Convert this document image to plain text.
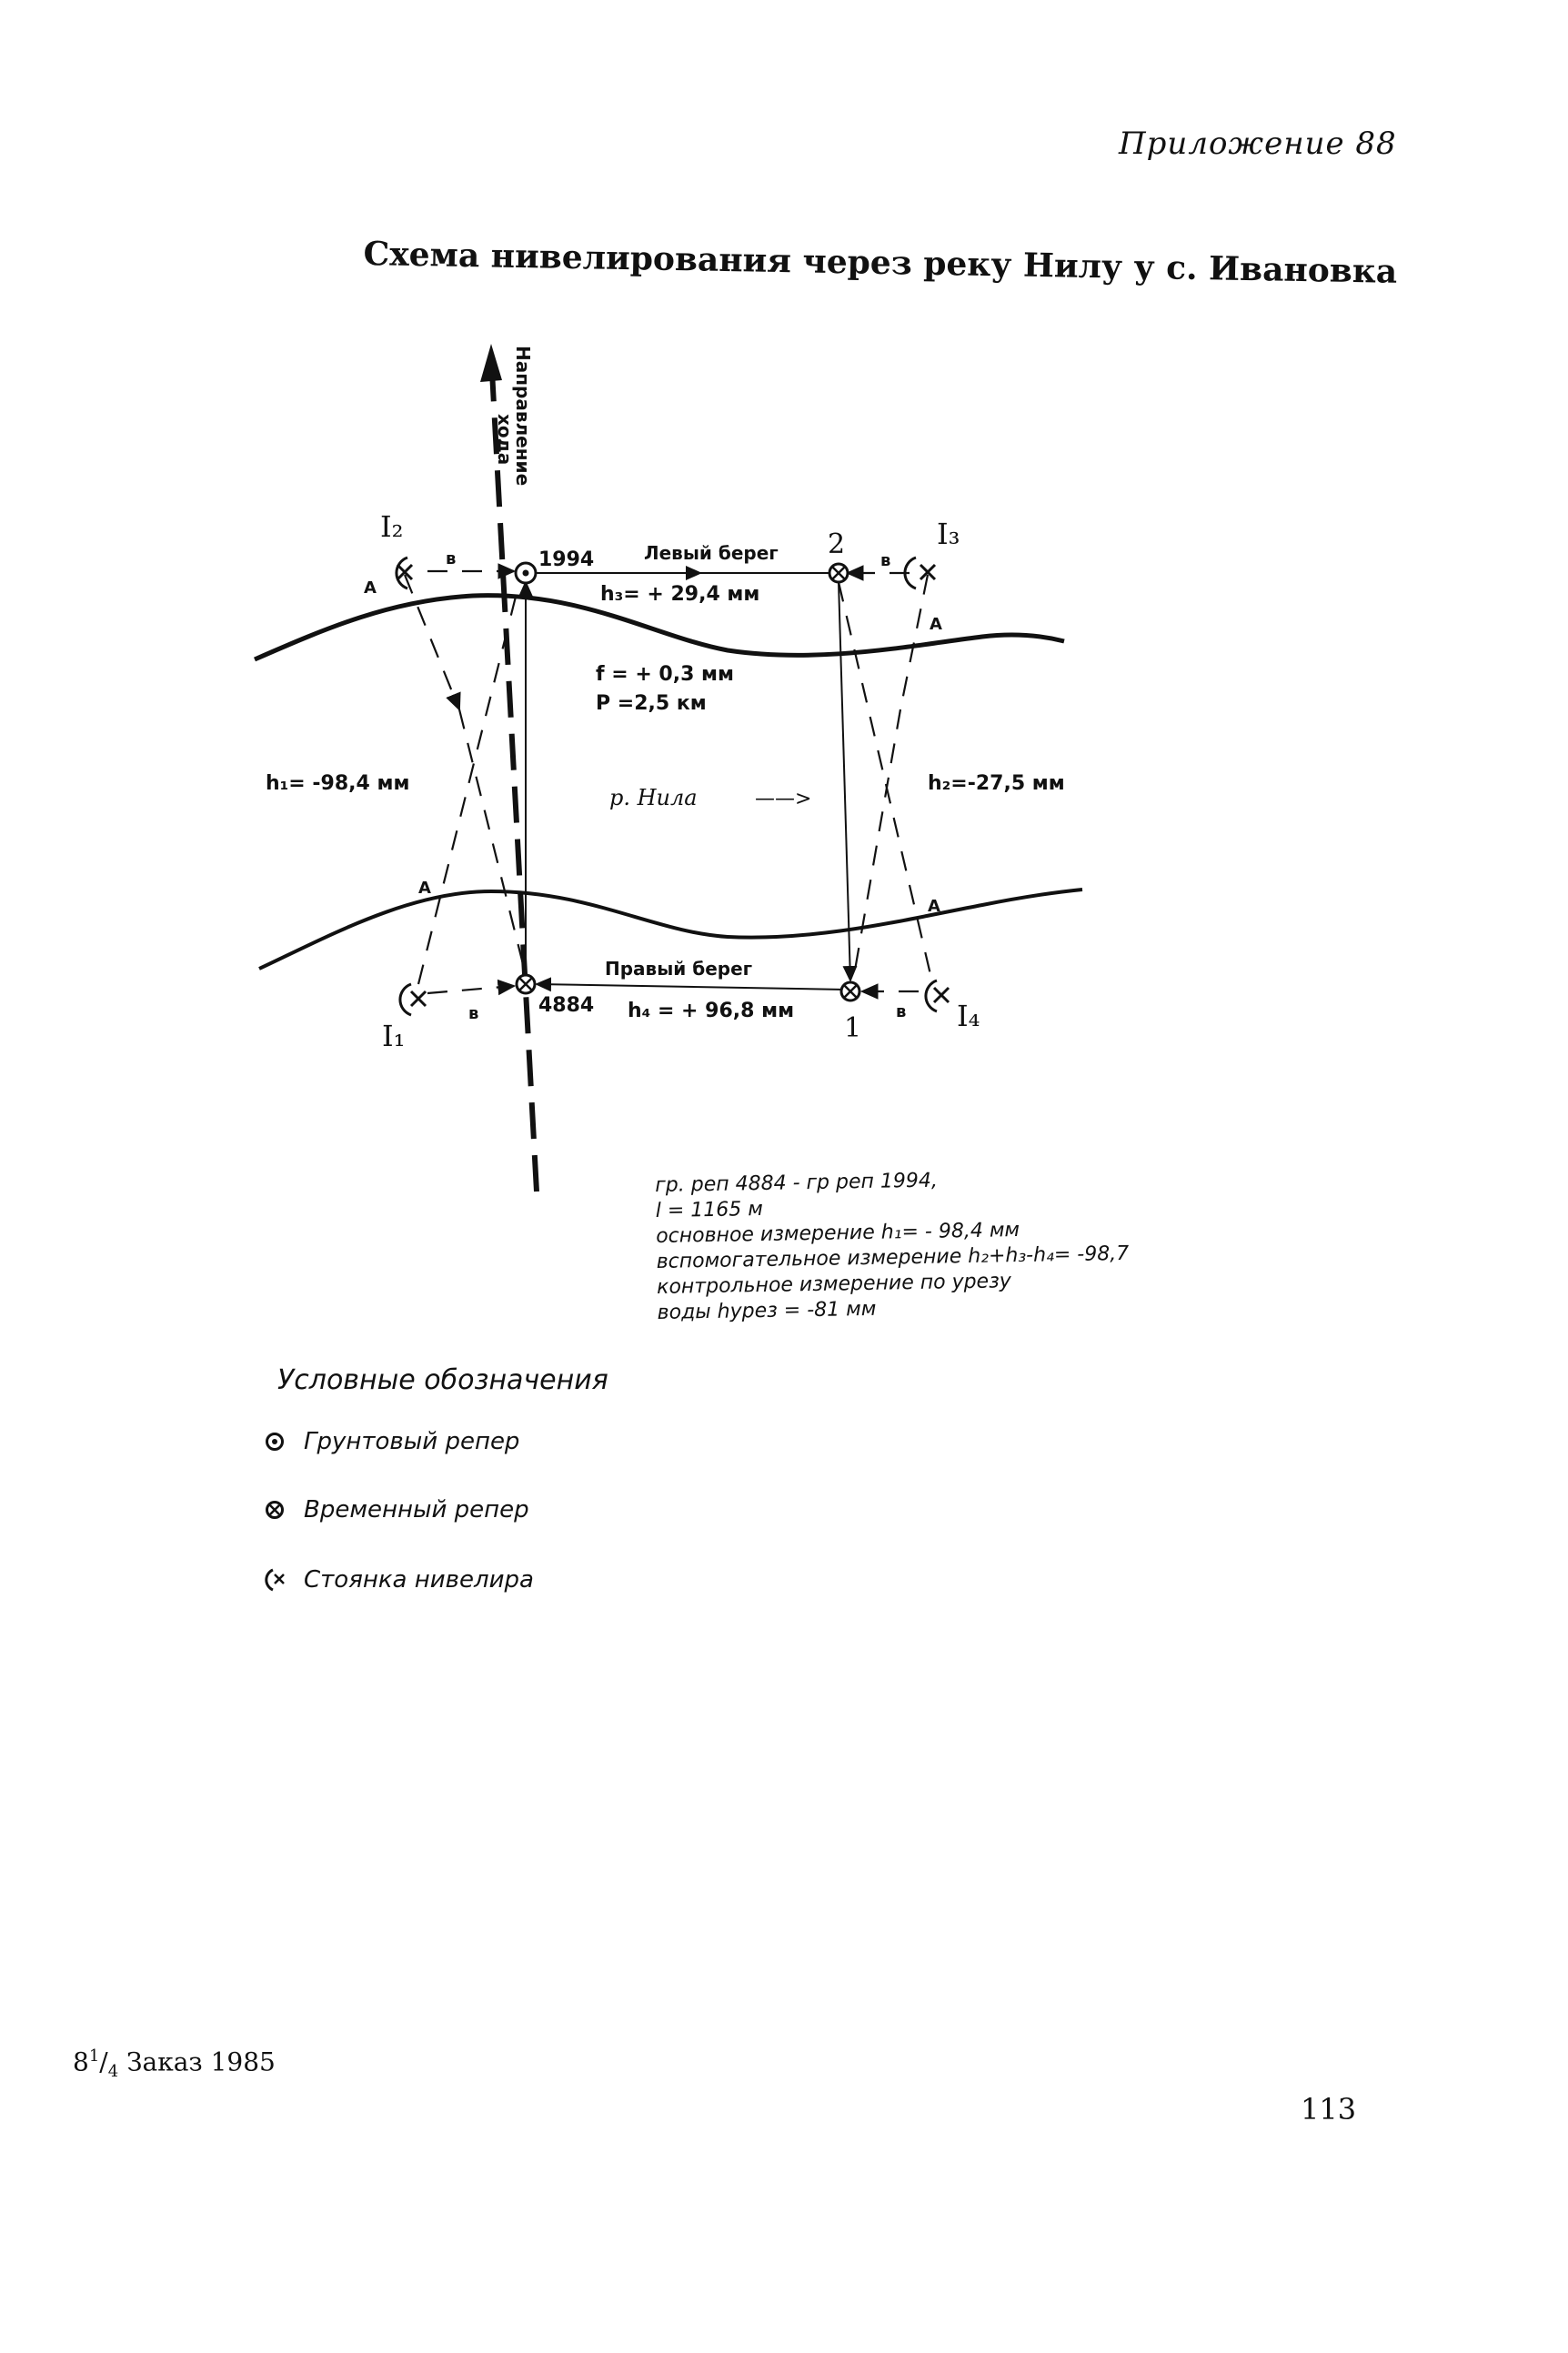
Приложение 88
Схема нивелирования через реку Нилу у с. Ивановка
Направление
хода
1994
4884
Левый берег
Правый берег
h₃= + 29,4 мм
h₄ = + 96,8 мм
h₁= -98,4 мм	h₂=-27,5 мм
f = + 0,3 мм
P =2,5 км
р. Нила	——>
2
1
I₂	I₃
I₁
I₄
А
А
А
А
в	в
в	в
гр. реп 4884 - гр реп 1994,
l = 1165 м
основное измерение h₁= - 98,4 мм
вспомогательное измерение h₂+h₃-h₄= -98,7
контрольное измерение по урезу
воды hурез = -81 мм
Условные обозначения
Грунтовый репер
Временный репер
Стоянка нивелира
$8^1/_4$ Заказ 1985
113
